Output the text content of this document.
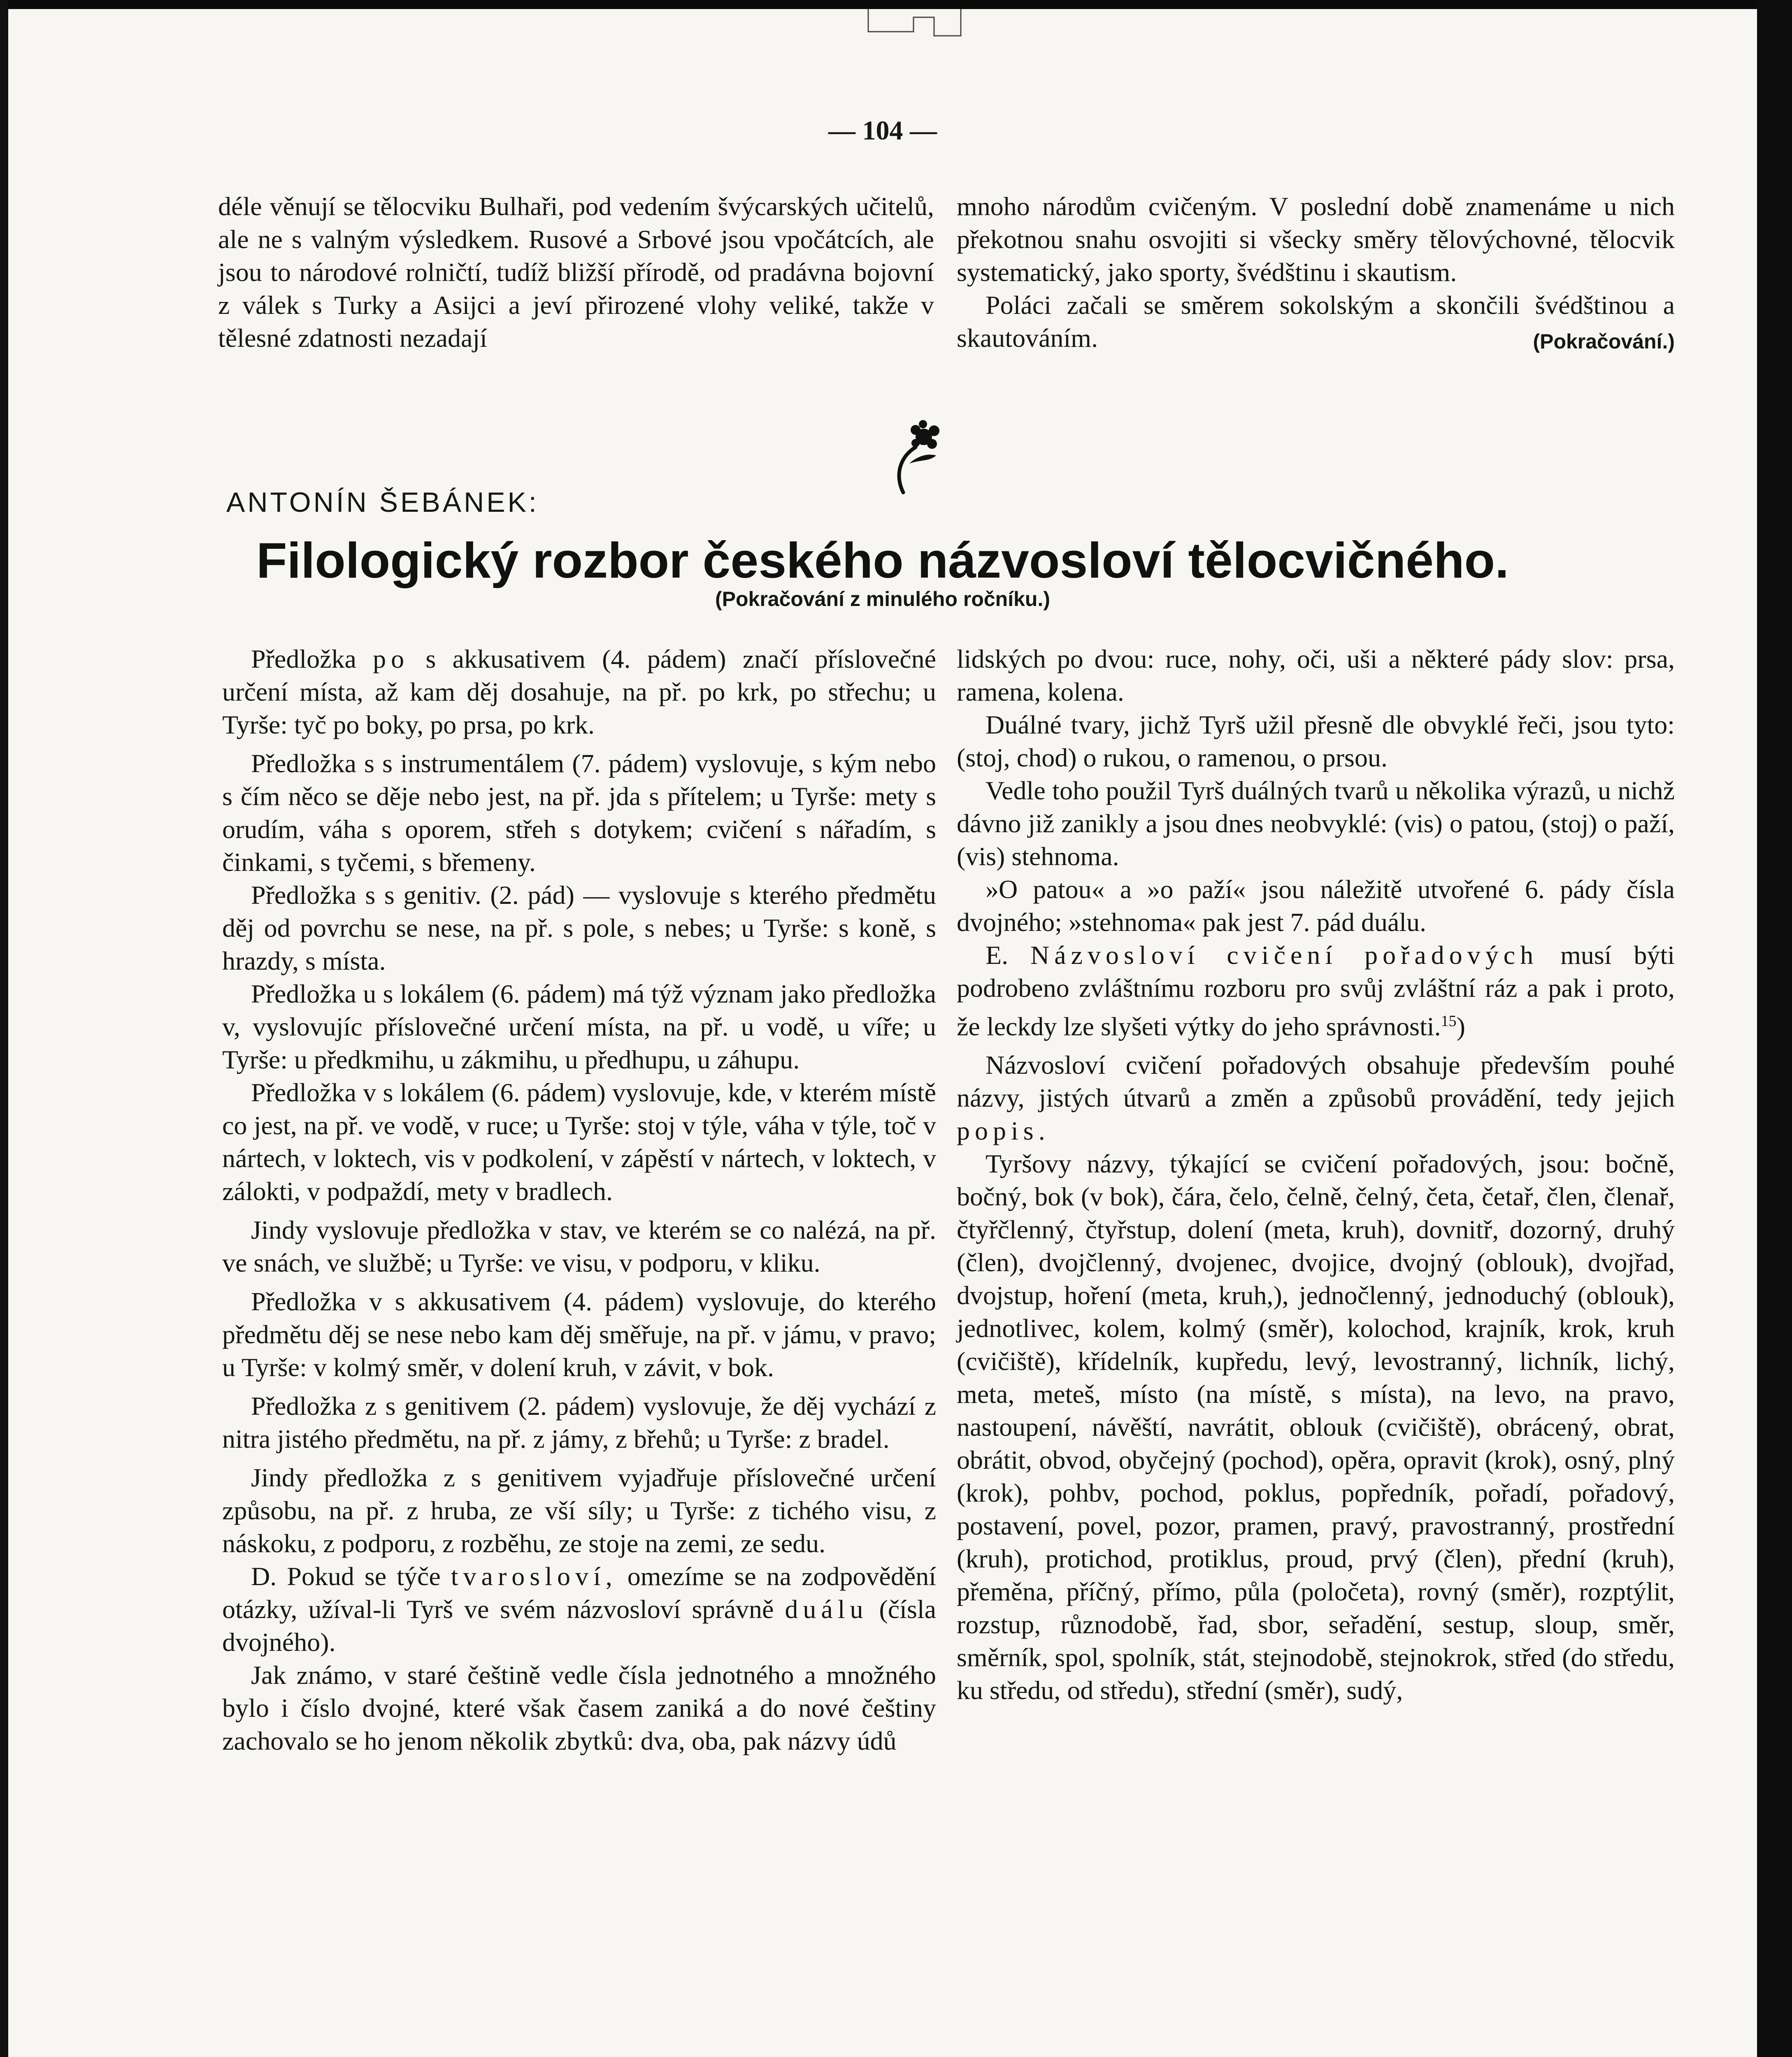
— 104 —

déle věnují se tělocviku Bulhaři, pod vedením švýcarských učitelů, ale ne s valným výsledkem. Rusové a Srbové jsou vpočátcích, ale jsou to národové rolničtí, tudíž bližší přírodě, od pradávna bojovní z válek s Turky a Asijci a jeví přirozené vlohy veliké, takže v tělesné zdatnosti nezadají

mnoho národům cvičeným. V poslední době znamenáme u nich překotnou snahu osvojiti si všecky směry tělovýchovné, tělocvik systematický, jako sporty, švédštinu i skautism.

Poláci začali se směrem sokolským a skončili švédštinou a skautováním.	(Pokračování.)

ANTONÍN ŠEBÁNEK:
Filologický rozbor českého názvosloví tělocvičného.
(Pokračování z minulého ročníku.)

Předložka po s akkusativem (4. pádem) značí příslovečné určení místa, až kam děj dosahuje, na př. po krk, po střechu; u Tyrše: tyč po boky, po prsa, po krk.

Předložka s s instrumentálem (7. pádem) vyslovuje, s kým nebo s čím něco se děje nebo jest, na př. jda s přítelem; u Tyrše: mety s orudím, váha s oporem, střeh s dotykem; cvičení s nářadím, s činkami, s tyčemi, s břemeny.

Předložka s s genitiv. (2. pád) — vyslovuje s kterého předmětu děj od povrchu se nese, na př. s pole, s nebes; u Tyrše: s koně, s hrazdy, s místa.

Předložka u s lokálem (6. pádem) má týž význam jako předložka v, vyslovujíc příslovečné určení místa, na př. u vodě, u víře; u Tyrše: u předkmihu, u zákmihu, u předhupu, u záhupu.

Předložka v s lokálem (6. pádem) vyslovuje, kde, v kterém místě co jest, na př. ve vodě, v ruce; u Tyrše: stoj v týle, váha v týle, toč v nártech, v loktech, vis v podkolení, v zápěstí v nártech, v loktech, v zálokti, v podpaždí, mety v bradlech.

Jindy vyslovuje předložka v stav, ve kterém se co nalézá, na př. ve snách, ve službě; u Tyrše: ve visu, v podporu, v kliku.

Předložka v s akkusativem (4. pádem) vyslovuje, do kterého předmětu děj se nese nebo kam děj směřuje, na př. v jámu, v pravo; u Tyrše: v kolmý směr, v dolení kruh, v závit, v bok.

Předložka z s genitivem (2. pádem) vyslovuje, že děj vychází z nitra jistého předmětu, na př. z jámy, z břehů; u Tyrše: z bradel.

Jindy předložka z s genitivem vyjadřuje příslovečné určení způsobu, na př. z hruba, ze vší síly; u Tyrše: z tichého visu, z náskoku, z podporu, z rozběhu, ze stoje na zemi, ze sedu.

D. Pokud se týče tvarosloví, omezíme se na zodpovědění otázky, užíval-li Tyrš ve svém názvosloví správně duálu (čísla dvojného).

Jak známo, v staré češtině vedle čísla jednotného a množného bylo i číslo dvojné, které však časem zaniká a do nové češtiny zachovalo se ho jenom několik zbytků: dva, oba, pak názvy údů

lidských po dvou: ruce, nohy, oči, uši a některé pády slov: prsa, ramena, kolena.

Duálné tvary, jichž Tyrš užil přesně dle obvyklé řeči, jsou tyto: (stoj, chod) o rukou, o ramenou, o prsou.

Vedle toho použil Tyrš duálných tvarů u několika výrazů, u nichž dávno již zanikly a jsou dnes neobvyklé: (vis) o patou, (stoj) o paží, (vis) stehnoma.

»O patou« a »o paží« jsou náležitě utvořené 6. pády čísla dvojného; »stehnoma« pak jest 7. pád duálu.

E. Názvosloví cvičení pořadových musí býti podrobeno zvláštnímu rozboru pro svůj zvláštní ráz a pak i proto, že leckdy lze slyšeti výtky do jeho správnosti.$^{15}$)

Názvosloví cvičení pořadových obsahuje především pouhé názvy, jistých útvarů a změn a způsobů provádění, tedy jejich popis.

Tyršovy názvy, týkající se cvičení pořadových, jsou: bočně, bočný, bok (v bok), čára, čelo, čelně, čelný, četa, četař, člen, členař, čtyřčlenný, čtyřstup, dolení (meta, kruh), dovnitř, dozorný, druhý (člen), dvojčlenný, dvojenec, dvojice, dvojný (oblouk), dvojřad, dvojstup, hoření (meta, kruh,), jednočlenný, jednoduchý (oblouk), jednotlivec, kolem, kolmý (směr), kolochod, krajník, krok, kruh (cvičiště), křídelník, kupředu, levý, levostranný, lichník, lichý, meta, meteš, místo (na místě, s místa), na levo, na pravo, nastoupení, návěští, navrátit, oblouk (cvičiště), obrácený, obrat, obrátit, obvod, obyčejný (pochod), opěra, opravit (krok), osný, plný (krok), pohbv, pochod, poklus, popředník, pořadí, pořadový, postavení, povel, pozor, pramen, pravý, pravostranný, prostřední (kruh), protichod, protiklus, proud, prvý (člen), přední (kruh), přeměna, příčný, přímo, půla (poločeta), rovný (směr), rozptýlit, rozstup, různodobě, řad, sbor, seřadění, sestup, sloup, směr, směrník, spol, spolník, stát, stejnodobě, stejnokrok, střed (do středu, ku středu, od středu), střední (směr), sudý,
